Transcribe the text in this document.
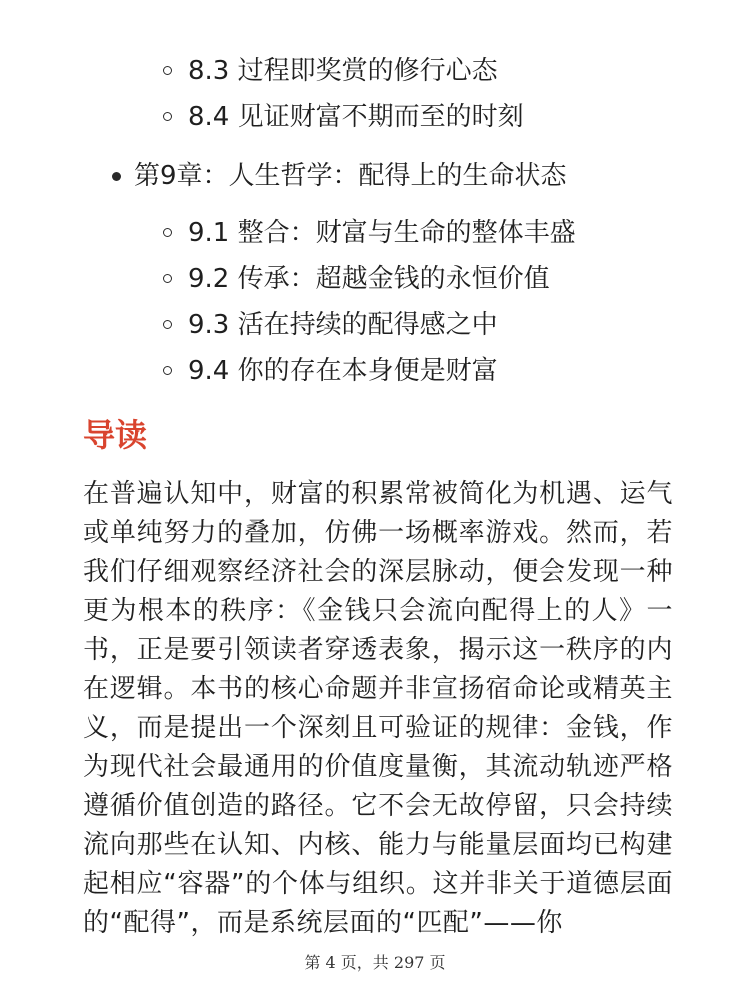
8.3 过程即奖赏的修行心态
8.4 见证财富不期而至的时刻
第9章：人生哲学：配得上的生命状态
9.1 整合：财富与生命的整体丰盛
9.2 传承：超越金钱的永恒价值
9.3 活在持续的配得感之中
9.4 你的存在本身便是财富
导读
在普遍认知中，财富的积累常被简化为机遇、运气或单纯努力的叠加，仿佛一场概率游戏。然而，若我们仔细观察经济社会的深层脉动，便会发现一种更为根本的秩序：《金钱只会流向配得上的人》一书，正是要引领读者穿透表象，揭示这一秩序的内在逻辑。本书的核心命题并非宣扬宿命论或精英主义，而是提出一个深刻且可验证的规律：金钱，作为现代社会最通用的价值度量衡，其流动轨迹严格遵循价值创造的路径。它不会无故停留，只会持续流向那些在认知、内核、能力与能量层面均已构建起相应“容器”的个体与组织。这并非关于道德层面的“配得”，而是系统层面的“匹配”——你
第 4 页，共 297 页
